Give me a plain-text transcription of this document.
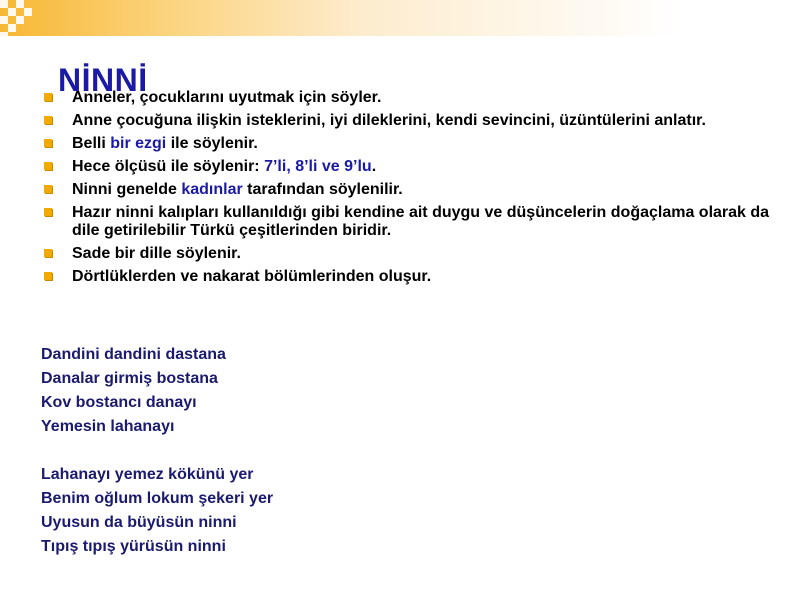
NİNNİ
Anneler, çocuklarını uyutmak için söyler.
Anne çocuğuna ilişkin isteklerini, iyi dileklerini, kendi sevincini, üzüntülerini anlatır.
Belli bir ezgi ile söylenir.
Hece ölçüsü ile söylenir: 7’li, 8’li ve 9’lu.
Ninni genelde kadınlar tarafından söylenilir.
Hazır ninni kalıpları kullanıldığı gibi kendine ait duygu ve düşüncelerin doğaçlama olarak da dile getirilebilir Türkü çeşitlerinden biridir.
Sade bir dille söylenir.
Dörtlüklerden ve nakarat bölümlerinden oluşur.
Dandini dandini dastana
Danalar girmiş bostana
Kov bostancı danayı
Yemesin lahanayı
Lahanayı yemez kökünü yer
Benim oğlum lokum şekeri yer
Uyusun da büyüsün ninni
Tıpış tıpış yürüsün ninni
